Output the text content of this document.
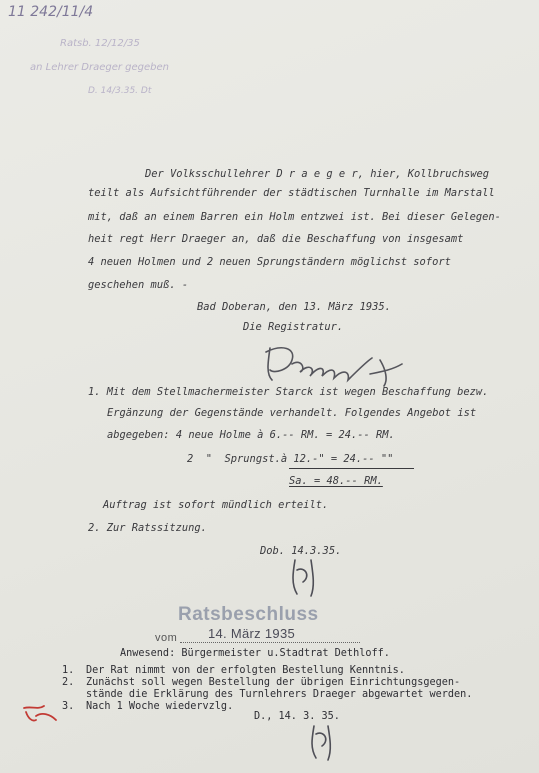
11 242/11/4
Ratsb. 12/12/35
an Lehrer Draeger gegeben
D. 14/3.35. Dt
Der Volksschullehrer D r a e g e r, hier, Kollbruchsweg
teilt als Aufsichtführender der städtischen Turnhalle im Marstall
mit, daß an einem Barren ein Holm entzwei ist. Bei dieser Gelegen-
heit regt Herr Draeger an, daß die Beschaffung von insgesamt
4 neuen Holmen und 2 neuen Sprungständern möglichst sofort
geschehen muß. -
Bad Doberan, den 13. März 1935.
Die Registratur.
1. Mit dem Stellmachermeister Starck ist wegen Beschaffung bezw.
Ergänzung der Gegenstände verhandelt. Folgendes Angebot ist
abgegeben: 4 neue Holme à 6.-- RM. = 24.-- RM.
2  "  Sprungst.à 12.-" = 24.-- ""
Sa. = 48.-- RM.
Auftrag ist sofort mündlich erteilt.
2. Zur Ratssitzung.
Dob. 14.3.35.
Ratsbeschluss
14. März 1935
vom
Anwesend: Bürgermeister u.Stadtrat Dethloff.
1. Der Rat nimmt von der erfolgten Bestellung Kenntnis.
2. Zunächst soll wegen Bestellung der übrigen Einrichtungsgegen-
stände die Erklärung des Turnlehrers Draeger abgewartet werden.
3. Nach 1 Woche wiedervzlg.
D., 14. 3. 35.
